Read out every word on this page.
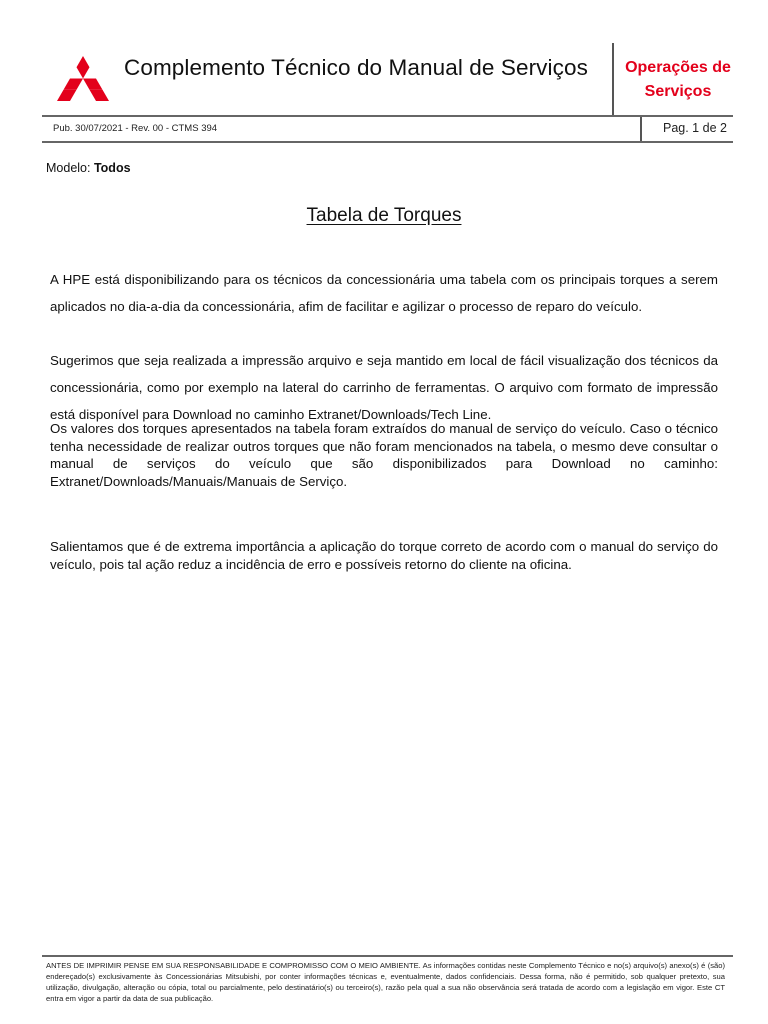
Complemento Técnico do Manual de Serviços	Operações de
Serviços
Pub. 30/07/2021 - Rev. 00 - CTMS 394	Pag. 1 de 2
Modelo: Todos
Tabela de Torques
A HPE está disponibilizando para os técnicos da concessionária uma tabela com os principais torques a serem aplicados no dia-a-dia da concessionária, afim de facilitar e agilizar o processo de reparo do veículo.
Sugerimos que seja realizada a impressão arquivo e seja mantido em local de fácil visualização dos técnicos da concessionária, como por exemplo na lateral do carrinho de ferramentas. O arquivo com formato de impressão está disponível para Download no caminho Extranet/Downloads/Tech Line.
Os valores dos torques apresentados na tabela foram extraídos do manual de serviço do veículo. Caso o técnico tenha necessidade de realizar outros torques que não foram mencionados na tabela, o mesmo deve consultar o manual de serviços do veículo que são disponibilizados para Download no caminho: Extranet/Downloads/Manuais/Manuais de Serviço.
Salientamos que é de extrema importância a aplicação do torque correto de acordo com o manual do serviço do veículo, pois tal ação reduz a incidência de erro e possíveis retorno do cliente na oficina.
ANTES DE IMPRIMIR PENSE EM SUA RESPONSABILIDADE E COMPROMISSO COM O MEIO AMBIENTE. As informações contidas neste Complemento Técnico e no(s) arquivo(s) anexo(s) é (são) endereçado(s) exclusivamente às Concessionárias Mitsubishi, por conter informações técnicas e, eventualmente, dados confidenciais. Dessa forma, não é permitido, sob qualquer pretexto, sua utilização, divulgação, alteração ou cópia, total ou parcialmente, pelo destinatário(s) ou terceiro(s), razão pela qual a sua não observância será tratada de acordo com a legislação em vigor. Este CT entra em vigor a partir da data de sua publicação.
